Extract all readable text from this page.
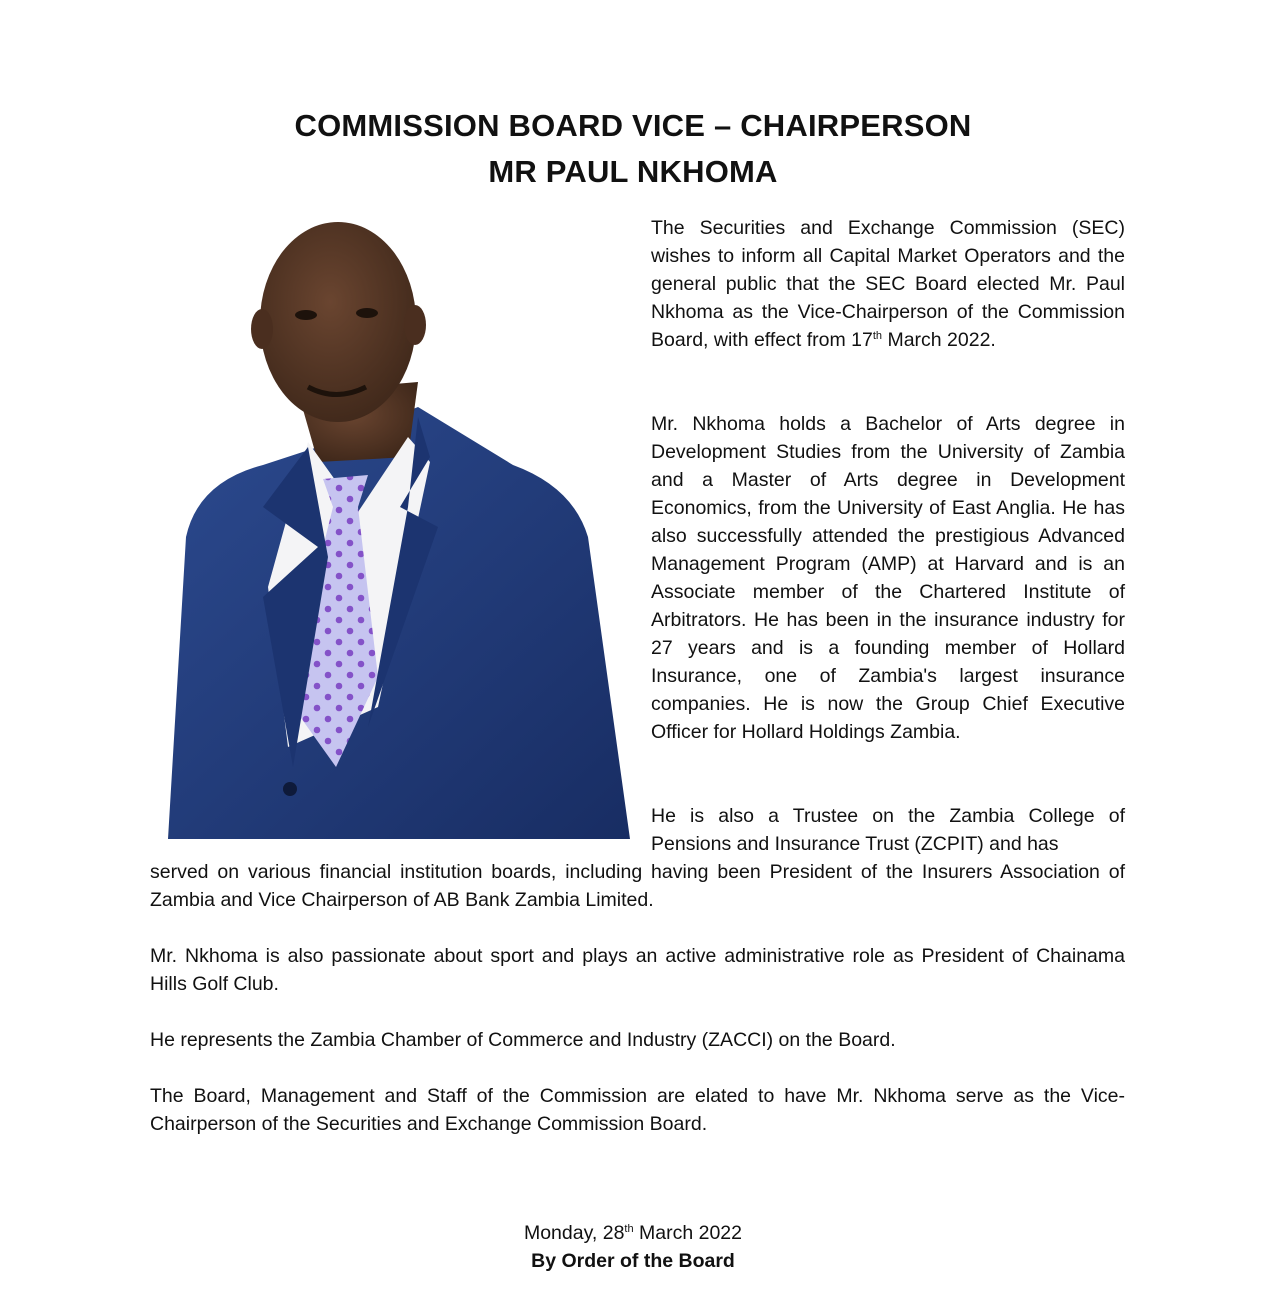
COMMISSION BOARD VICE – CHAIRPERSON
MR PAUL NKHOMA

The Securities and Exchange Commission (SEC) wishes to inform all Capital Market Operators and the general public that the SEC Board elected Mr. Paul Nkhoma as the Vice-Chairperson of the Commission Board, with effect from 17th March 2022.

Mr. Nkhoma holds a Bachelor of Arts degree in Development Studies from the University of Zambia and a Master of Arts degree in Development Economics, from the University of East Anglia. He has also successfully attended the prestigious Advanced Management Program (AMP) at Harvard and is an Associate member of the Chartered Institute of Arbitrators. He has been in the insurance industry for 27 years and is a founding member of Hollard Insurance, one of Zambia's largest insurance companies. He is now the Group Chief Executive Officer for Hollard Holdings Zambia.

He is also a Trustee on the Zambia College of Pensions and Insurance Trust (ZCPIT) and has

served on various financial institution boards, including having been President of the Insurers Association of Zambia and Vice Chairperson of AB Bank Zambia Limited.

Mr. Nkhoma is also passionate about sport and plays an active administrative role as President of Chainama Hills Golf Club.

He represents the Zambia Chamber of Commerce and Industry (ZACCI) on the Board.

The Board, Management and Staff of the Commission are elated to have Mr. Nkhoma serve as the Vice-Chairperson of the Securities and Exchange Commission Board.

Monday, 28th March 2022
By Order of the Board
